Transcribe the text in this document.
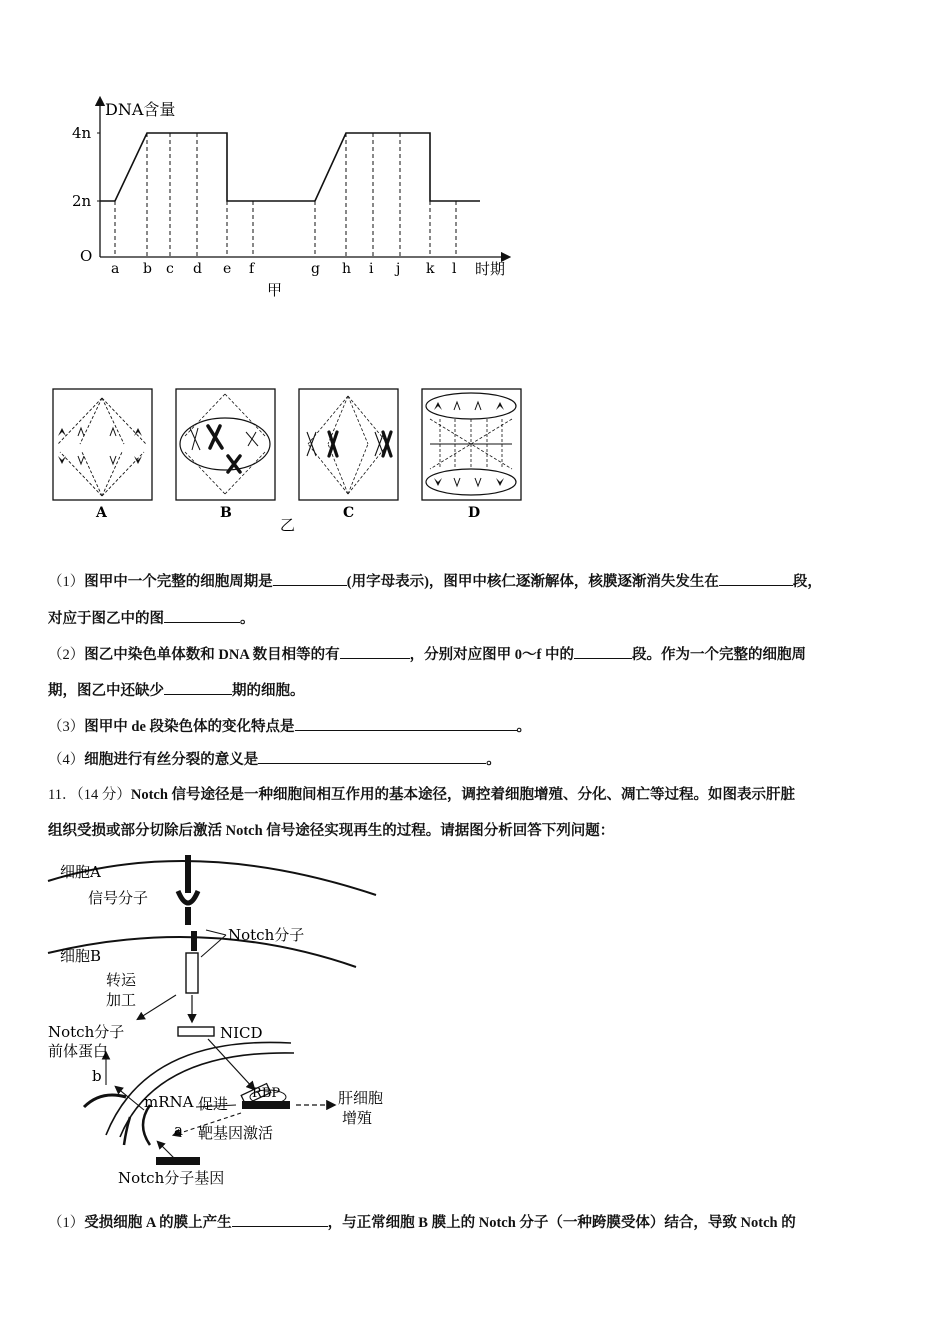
DNA含量
4n
2n
O
a b c d e f	g h i j k l 时期
甲
A	B
乙
C	D
（1）图甲中一个完整的细胞周期是	(用字母表示)，图甲中核仁逐渐解体，核膜逐渐消失发生在	段，
对应于图乙中的图	。
（2）图乙中染色单体数和 DNA 数目相等的有	，分别对应图甲 0～f 中的	段。作为一个完整的细胞周
期，图乙中还缺少	期的细胞。
（3）图甲中 de 段染色体的变化特点是	。
（4）细胞进行有丝分裂的意义是	。
11．（14 分）Notch 信号途径是一种细胞间相互作用的基本途径，调控着细胞增殖、分化、凋亡等过程。如图表示肝脏
组织受损或部分切除后激活 Notch 信号途径实现再生的过程。请据图分析回答下列问题：
细胞A
信号分子
Notch分子
细胞B
转运
加工
Notch分子
前体蛋白
NICD
b
mRNA 促进
RBP	肝细胞
增殖
a 靶基因激活
Notch分子基因
（1）受损细胞 A 的膜上产生	，与正常细胞 B 膜上的 Notch 分子（一种跨膜受体）结合，导致 Notch 的
